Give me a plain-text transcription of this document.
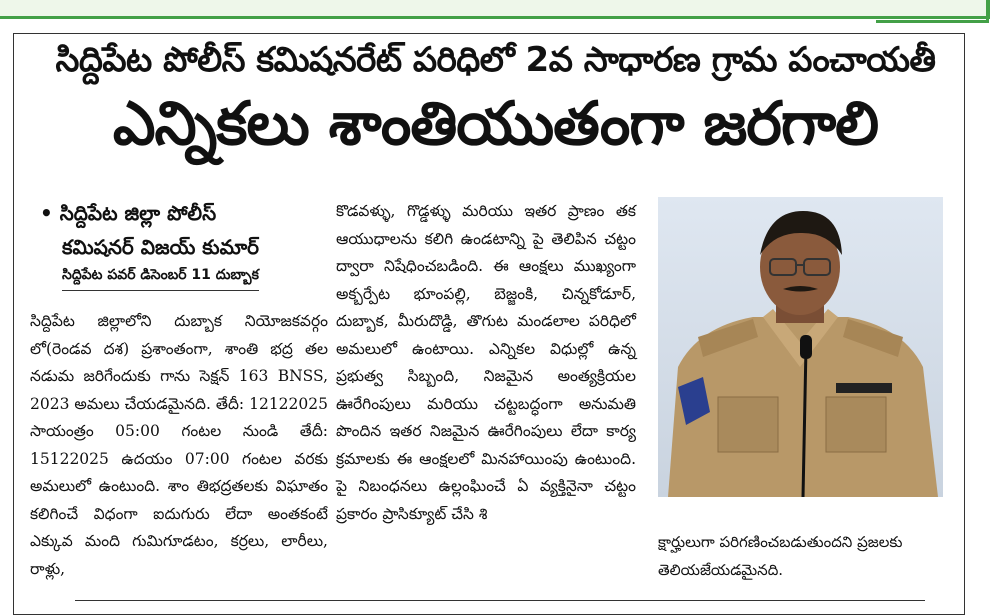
సిద్దిపేట పోలీస్ కమిషనరేట్ పరిధిలో 2వ సాధారణ గ్రామ పంచాయతీ
ఎన్నికలు శాంతియుతంగా జరగాలి
• సిద్దిపేట జిల్లా పోలీస్
కమిషనర్ విజయ్ కుమార్
సిద్దిపేట పవర్ డిసెంబర్ 11 దుబ్బాక
సిద్దిపేట జిల్లాలోని దుబ్బాక నియోజకవర్గం లో(రెండవ దశ) ప్రశాంతంగా, శాంతి భద్ర తల నడుమ జరిగేందుకు గాను సెక్షన్ 163 BNSS, 2023 అమలు చేయడమైనది. తేదీ: 12122025 సాయంత్రం 05:00 గంటల నుండి తేదీ: 15122025 ఉదయం 07:00 గంటల వరకు అమలులో ఉంటుంది. శాం తిభద్రతలకు విఘాతం కలిగించే విధంగా ఐదుగురు లేదా అంతకంటే ఎక్కువ మంది గుమిగూడటం, కర్రలు, లారీలు, రాళ్లు,
కొడవళ్ళు, గొడ్డళ్ళు మరియు ఇతర ప్రాణం తక ఆయుధాలను కలిగి ఉండటాన్ని పై తెలిపిన చట్టం ద్వారా నిషేధించబడింది. ఈ ఆంక్షలు ముఖ్యంగా అక్బర్పేట భూంపల్లి, బెజ్జంకి, చిన్నకోడూర్, దుబ్బాక, మీరుదొడ్డి, తొగుట మండలాల పరిధిలో అమలులో ఉంటాయి. ఎన్నికల విధుల్లో ఉన్న ప్రభుత్వ సిబ్బంది, నిజమైన అంత్యక్రియల ఊరేగింపులు మరియు చట్టబద్ధంగా అనుమతి పొందిన ఇతర నిజమైన ఊరేగింపులు లేదా కార్య క్రమాలకు ఈ ఆంక్షలలో మినహాయింపు ఉంటుంది. పై నిబంధనలు ఉల్లంఘించే ఏ వ్యక్తినైనా చట్టం ప్రకారం ప్రాసిక్యూట్ చేసి శి
క్షార్హులుగా పరిగణించబడుతుందని ప్రజలకు తెలియజేయడమైనది.
